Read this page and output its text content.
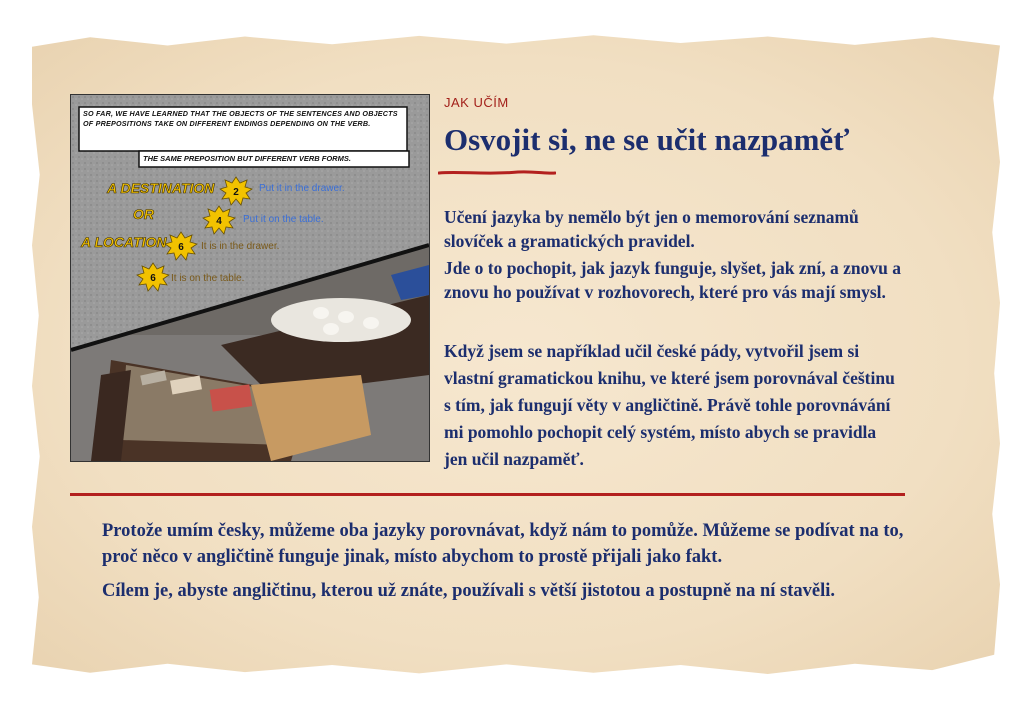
SO FAR, WE HAVE LEARNED THAT THE OBJECTS OF THE SENTENCES AND OBJECTS OF PREPOSITIONS TAKE ON DIFFERENT ENDINGS DEPENDING ON THE VERB.
THE SAME PREPOSITION BUT DIFFERENT VERB FORMS.
A DESTINATION
OR
A LOCATION
2
4
6
6
Put it in the drawer.
Put it on the table.
It is in the drawer.
It is on the table.
JAK UČÍM
Osvojit si, ne se učit nazpaměť

Učení jazyka by nemělo být jen o memorování seznamů slovíček a gramatických pravidel.

Jde o to pochopit, jak jazyk funguje, slyšet, jak zní, a znovu a znovu ho používat v rozhovorech, které pro vás mají smysl.

Když jsem se například učil české pády, vytvořil jsem si vlastní gramatickou knihu, ve které jsem porovnával češtinu s tím, jak fungují věty v angličtině. Právě tohle porovnávání mi pomohlo pochopit celý systém, místo abych se pravidla jen učil nazpaměť.

Protože umím česky, můžeme oba jazyky porovnávat, když nám to pomůže. Můžeme se podívat na to, proč něco v angličtině funguje jinak, místo abychom to prostě přijali jako fakt.

Cílem je, abyste angličtinu, kterou už znáte, používali s větší jistotou a postupně na ní stavěli.
